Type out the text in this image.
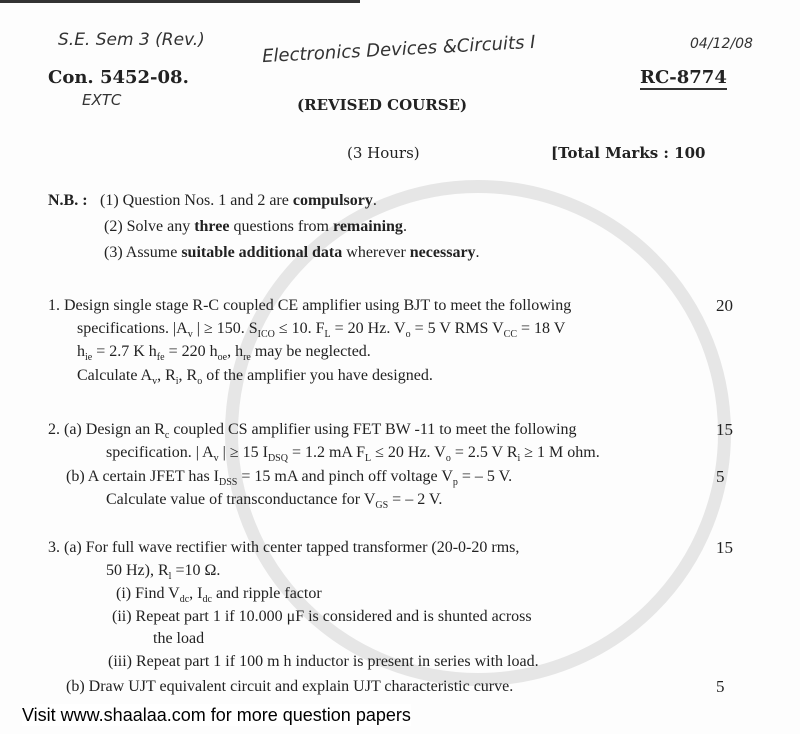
S.E. Sem 3 (Rev.)	Electronics Devices &Circuits I	04/12/08
Con. 5452-08.	RC-8774
EXTC	(REVISED COURSE)
(3 Hours)	[Total Marks : 100
N.B. : (1) Question Nos. 1 and 2 are compulsory.
(2) Solve any three questions from remaining.
(3) Assume suitable additional data wherever necessary.
1. Design single stage R-C coupled CE amplifier using BJT to meet the following
specifications. $|A_v$ | ≥ 150. $S_{ICO} \le 10$. $F_L = 20$ Hz. $V_o = 5$ V RMS $V_{CC} = 18$ V
$h_{ie} = 2.7$ K $h_{fe} = 220$ $h_{oe}$, $h_{re}$ may be neglected.
Calculate $A_v$, $R_i$, $R_o$ of the amplifier you have designed.
20
2. (a) Design an $R_c$ coupled CS amplifier using FET BW -11 to meet the following
specification. | $A_v$ | ≥ 15 $I_{DSQ} = 1.2$ mA $F_L \le 20$ Hz. $V_o = 2.5$ V $R_i \ge 1$ M ohm.
15
(b) A certain JFET has $I_{DSS} = 15$ mA and pinch off voltage $V_p$ = – 5 V.
Calculate value of transconductance for $V_{GS}$ = – 2 V.
5
3. (a) For full wave rectifier with center tapped transformer (20-0-20 rms,
50 Hz), $R_l =10$ Ω.
(i) Find $V_{dc}$, $I_{dc}$ and ripple factor
(ii) Repeat part 1 if 10.000 μF is considered and is shunted across
the load
(iii) Repeat part 1 if 100 m h inductor is present in series with load.
15
(b) Draw UJT equivalent circuit and explain UJT characteristic curve.	5
Visit www.shaalaa.com for more question papers
